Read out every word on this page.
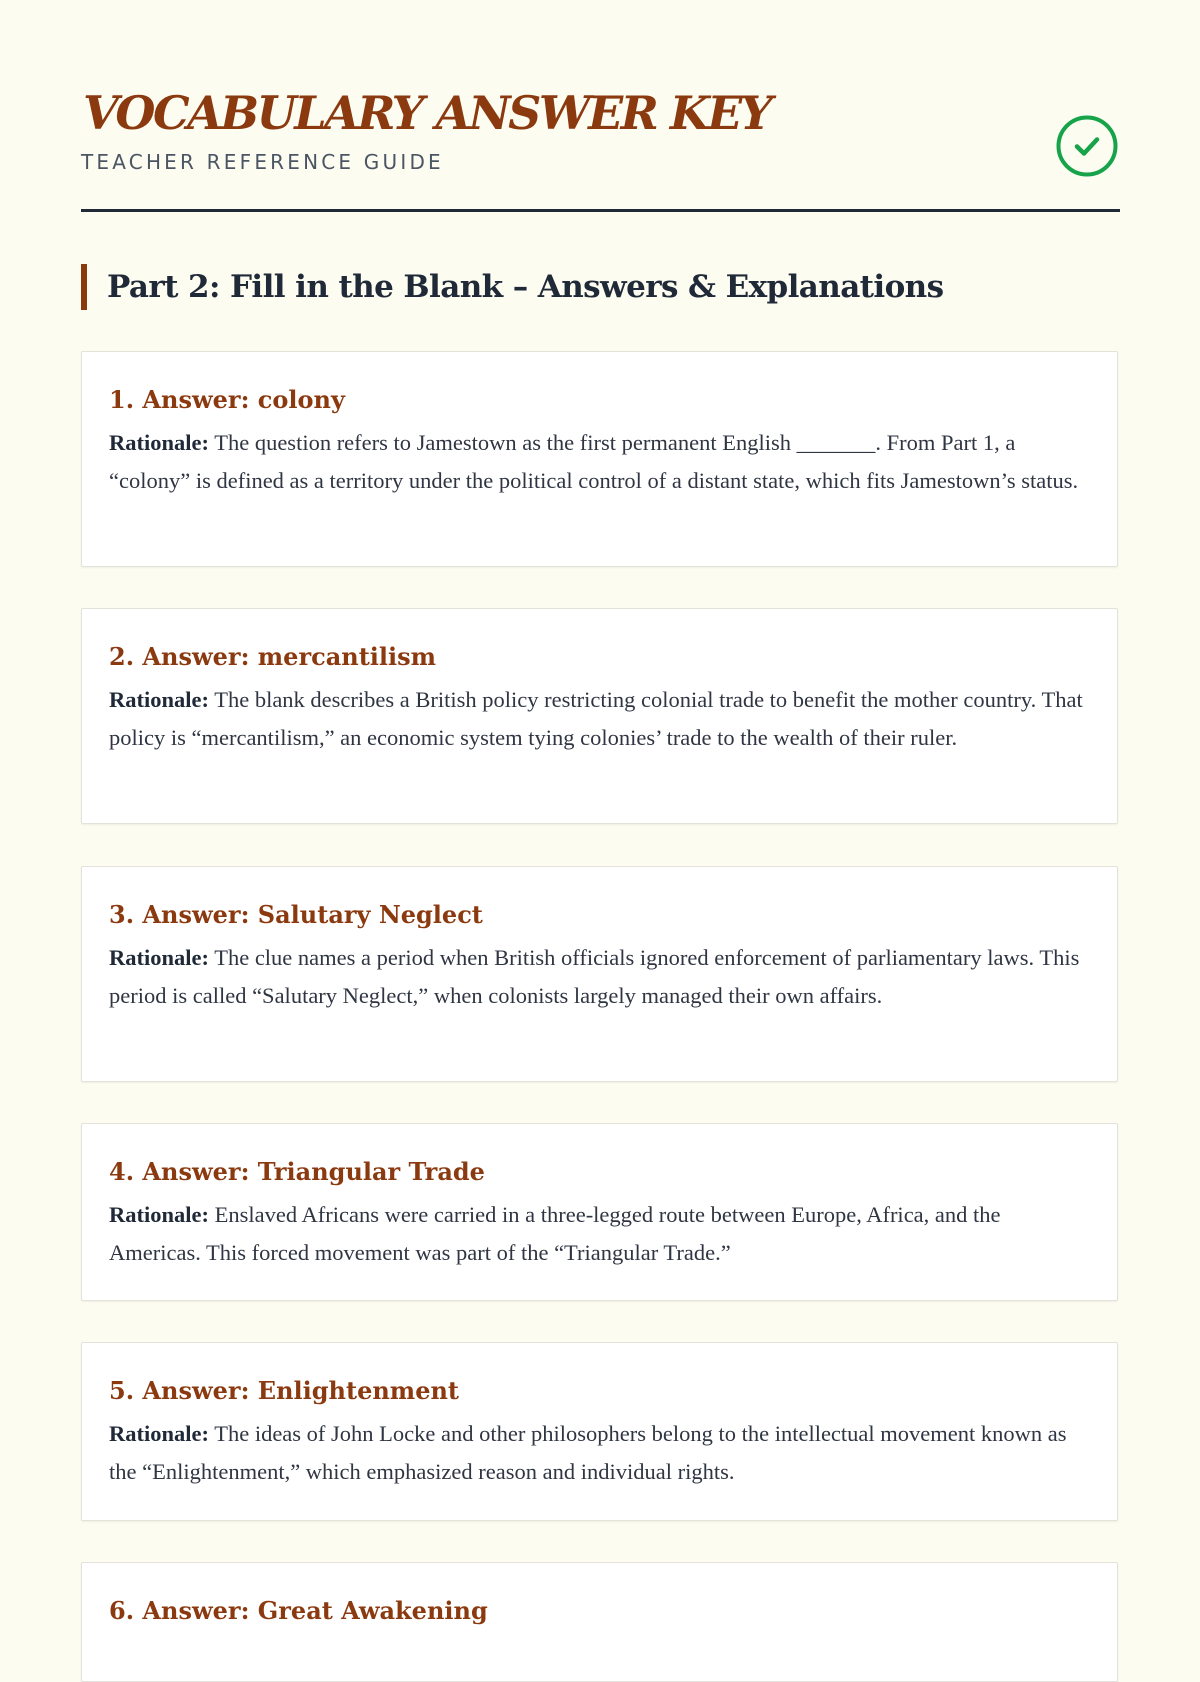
VOCABULARY ANSWER KEY
TEACHER REFERENCE GUIDE
Part 2: Fill in the Blank – Answers & Explanations
1. Answer: colony

Rationale: The question refers to Jamestown as the first permanent English _______. From Part 1, a “colony” is defined as a territory under the political control of a distant state, which fits Jamestown’s status.

2. Answer: mercantilism

Rationale: The blank describes a British policy restricting colonial trade to benefit the mother country. That policy is “mercantilism,” an economic system tying colonies’ trade to the wealth of their ruler.

3. Answer: Salutary Neglect

Rationale: The clue names a period when British officials ignored enforcement of parliamentary laws. This period is called “Salutary Neglect,” when colonists largely managed their own affairs.

4. Answer: Triangular Trade

Rationale: Enslaved Africans were carried in a three-legged route between Europe, Africa, and the Americas. This forced movement was part of the “Triangular Trade.”

5. Answer: Enlightenment

Rationale: The ideas of John Locke and other philosophers belong to the intellectual movement known as the “Enlightenment,” which emphasized reason and individual rights.

6. Answer: Great Awakening
